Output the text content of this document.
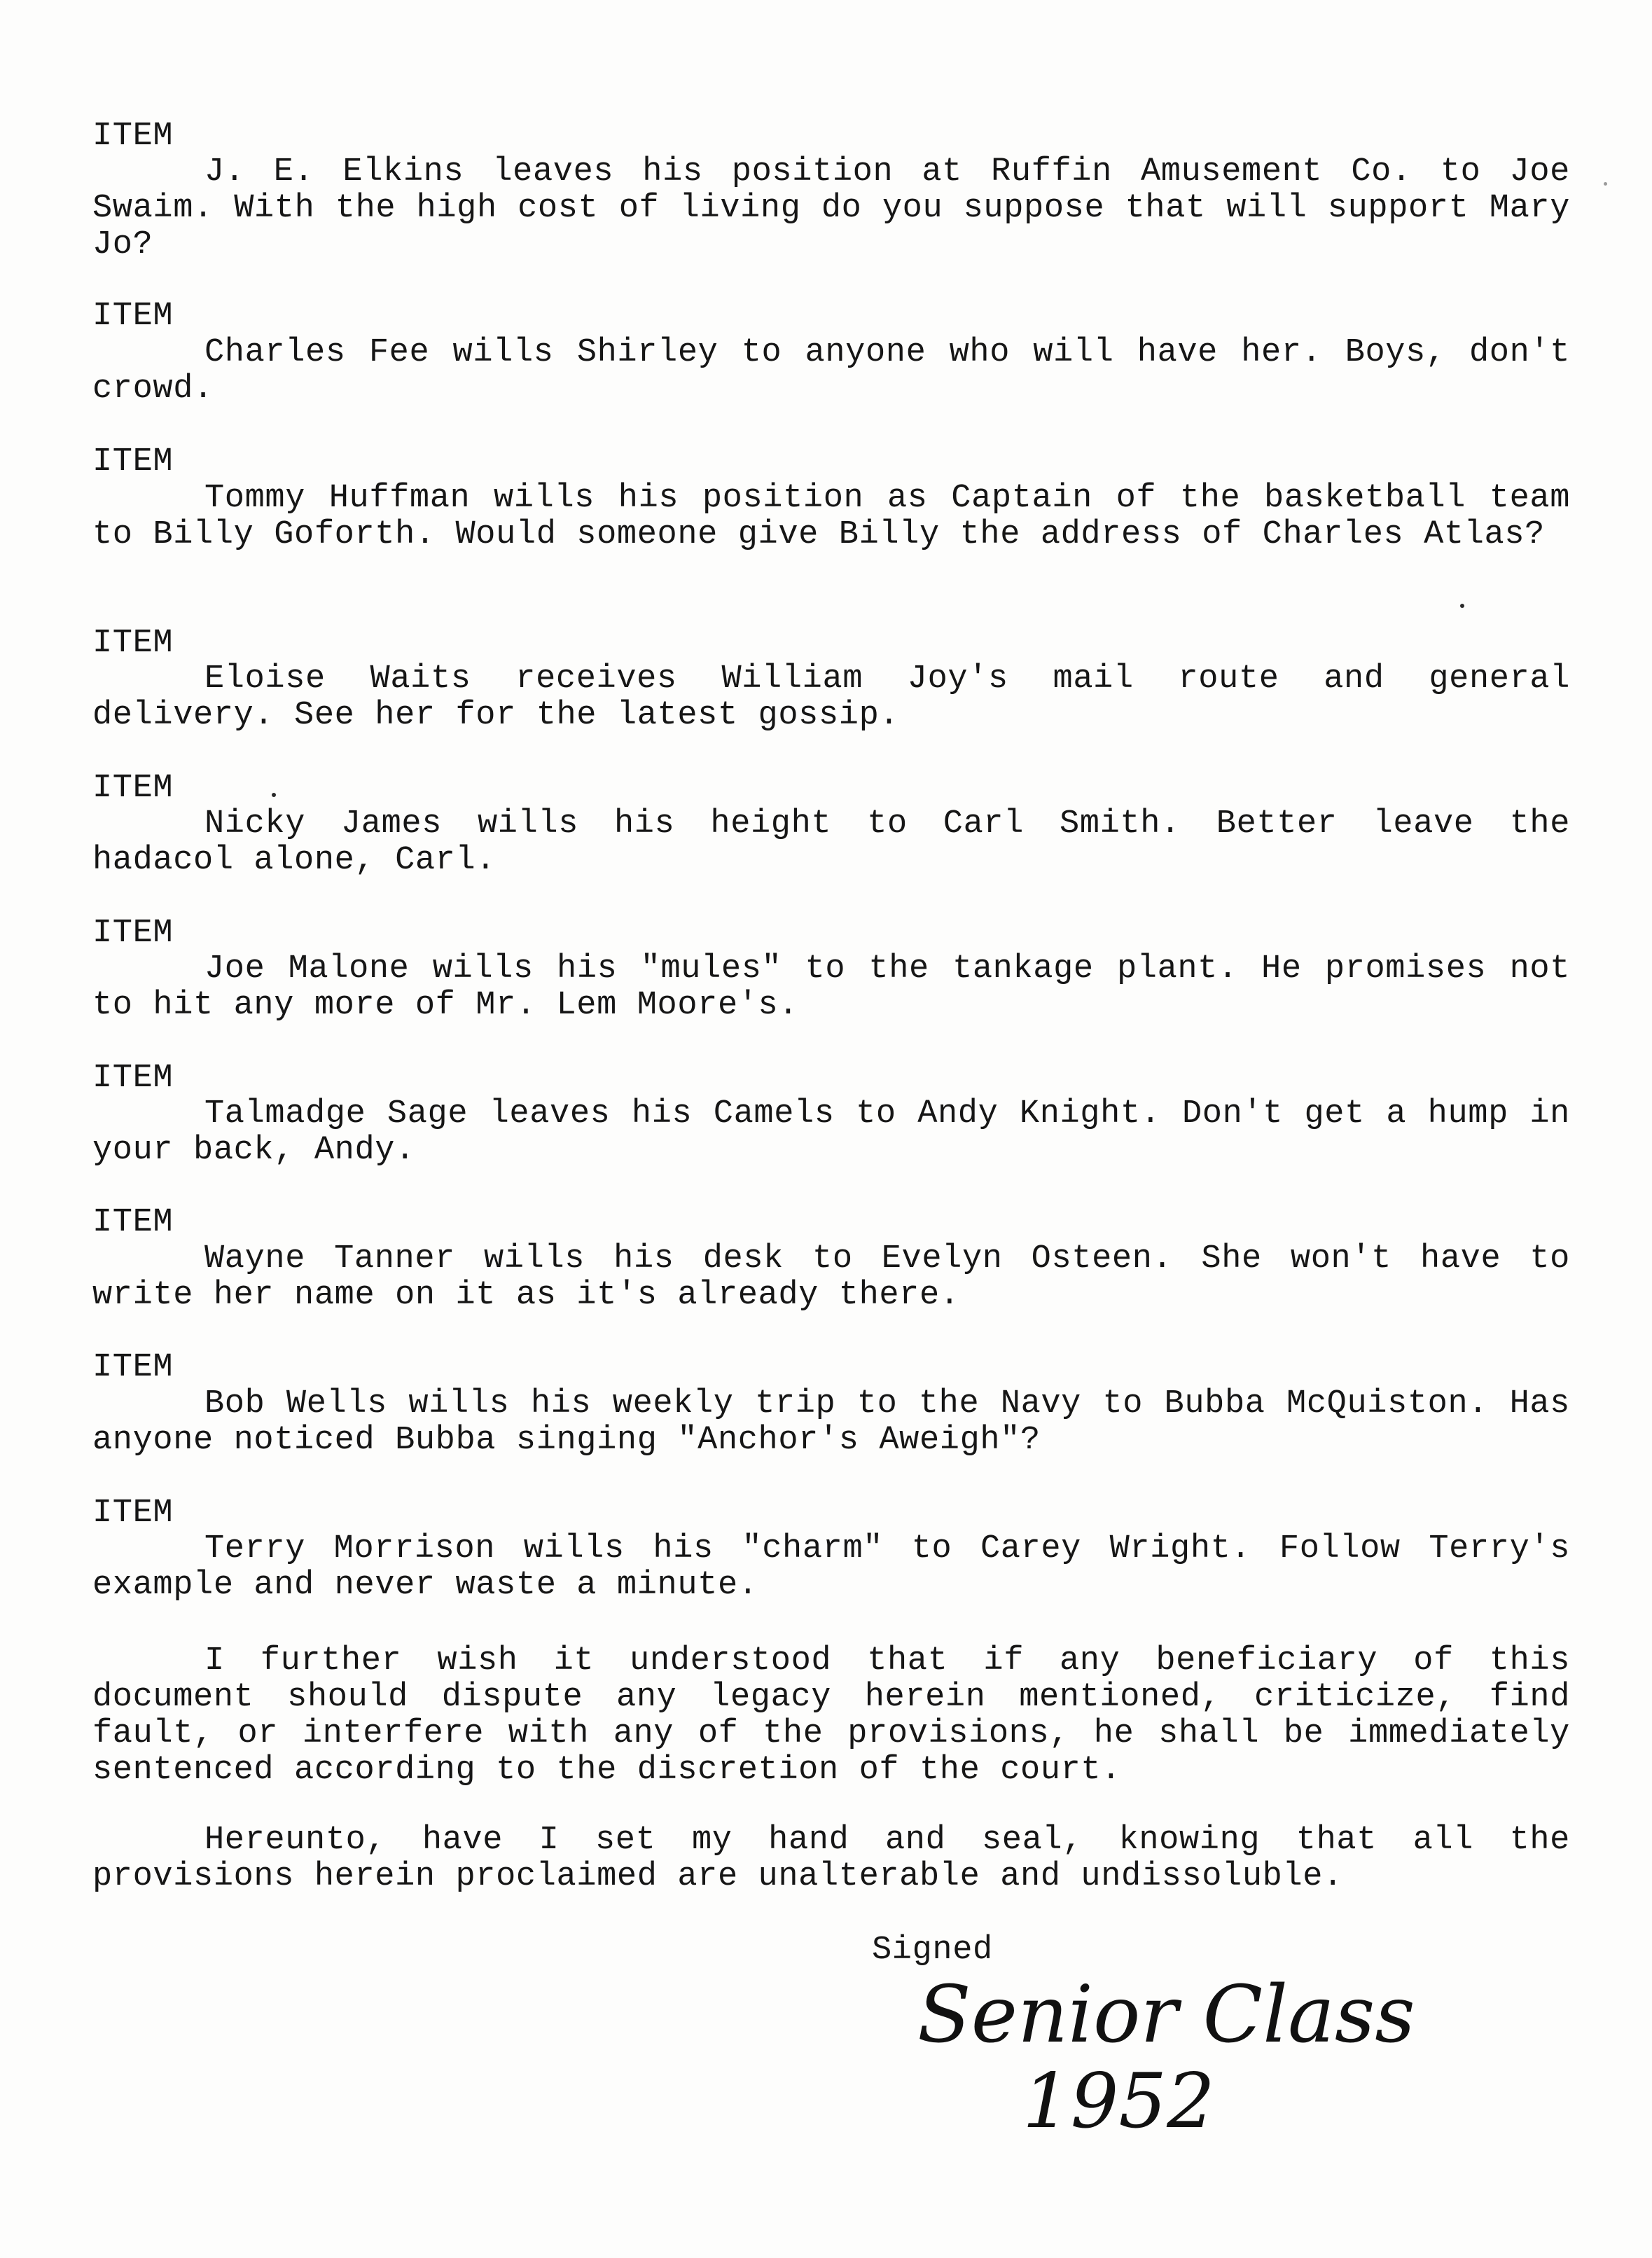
ITEM

J. E. Elkins leaves his position at Ruffin Amusement Co. to Joe Swaim. With the high cost of living do you suppose that will support Mary Jo?

ITEM

Charles Fee wills Shirley to anyone who will have her. Boys, don't crowd.

ITEM

Tommy Huffman wills his position as Captain of the basketball team to Billy Goforth. Would someone give Billy the address of Charles Atlas?

ITEM

Eloise Waits receives William Joy's mail route and general delivery. See her for the latest gossip.

ITEM

Nicky James wills his height to Carl Smith. Better leave the hadacol alone, Carl.

ITEM

Joe Malone wills his "mules" to the tankage plant. He promises not to hit any more of Mr. Lem Moore's.

ITEM

Talmadge Sage leaves his Camels to Andy Knight. Don't get a hump in your back, Andy.

ITEM

Wayne Tanner wills his desk to Evelyn Osteen. She won't have to write her name on it as it's already there.

ITEM

Bob Wells wills his weekly trip to the Navy to Bubba McQuiston. Has anyone noticed Bubba singing "Anchor's Aweigh"?

ITEM

Terry Morrison wills his "charm" to Carey Wright. Follow Terry's example and never waste a minute.

I further wish it understood that if any beneficiary of this document should dispute any legacy herein mentioned, criticize, find fault, or interfere with any of the provisions, he shall be immediately sentenced according to the discretion of the court.

Hereunto, have I set my hand and seal, knowing that all the provisions herein proclaimed are unalterable and undissoluble.

Signed

Senior Class
1952
